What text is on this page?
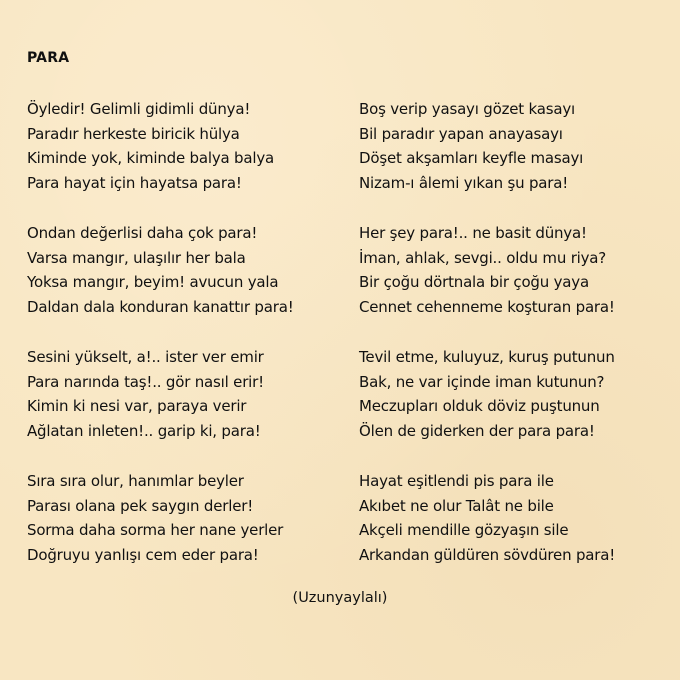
PARA
Öyledir! Gelimli gidimli dünya!
Paradır herkeste biricik hülya
Kiminde yok, kiminde balya balya
Para hayat için hayatsa para!
Ondan değerlisi daha çok para!
Varsa mangır, ulaşılır her bala
Yoksa mangır, beyim! avucun yala
Daldan dala konduran kanattır para!
Sesini yükselt, a!.. ister ver emir
Para narında taş!.. gör nasıl erir!
Kimin ki nesi var, paraya verir
Ağlatan inleten!.. garip ki, para!
Sıra sıra olur, hanımlar beyler
Parası olana pek saygın derler!
Sorma daha sorma her nane yerler
Doğruyu yanlışı cem eder para!
Boş verip yasayı gözet kasayı
Bil paradır yapan anayasayı
Döşet akşamları keyfle masayı
Nizam-ı âlemi yıkan şu para!
Her şey para!.. ne basit dünya!
İman, ahlak, sevgi.. oldu mu riya?
Bir çoğu dörtnala bir çoğu yaya
Cennet cehenneme koşturan para!
Tevil etme, kuluyuz, kuruş putunun
Bak, ne var içinde iman kutunun?
Meczupları olduk döviz puştunun
Ölen de giderken der para para!
Hayat eşitlendi pis para ile
Akıbet ne olur Talât ne bile
Akçeli mendille gözyaşın sile
Arkandan güldüren sövdüren para!
(Uzunyaylalı)
